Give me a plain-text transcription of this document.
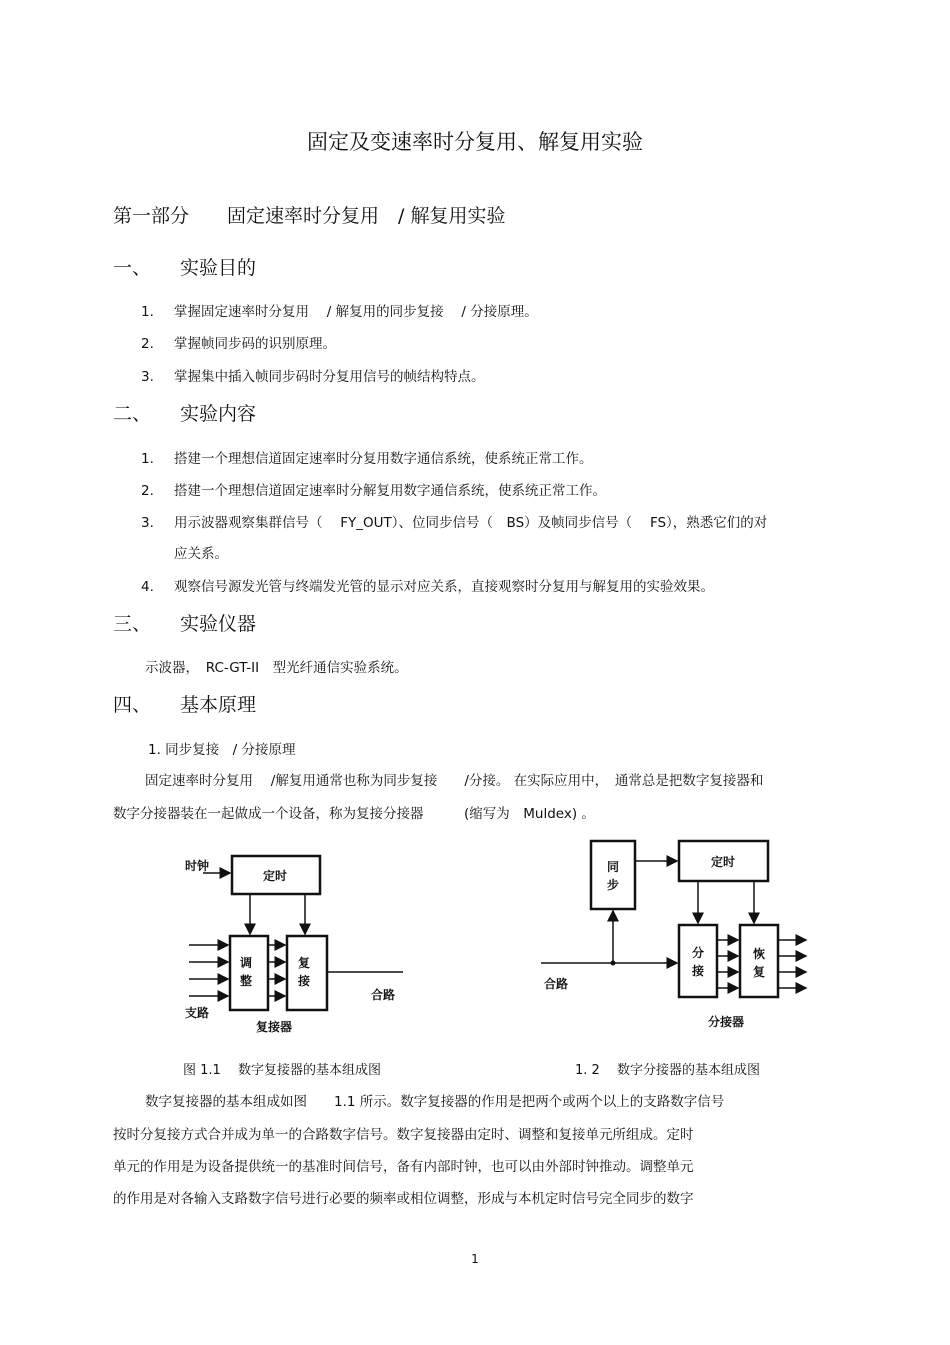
固定及变速率时分复用、解复用实验
第一部分　　固定速率时分复用　/ 解复用实验
一、 实验目的
1. 掌握固定速率时分复用　 / 解复用的同步复接　 / 分接原理。
2. 掌握帧同步码的识别原理。
3. 掌握集中插入帧同步码时分复用信号的帧结构特点。
二、 实验内容
1. 搭建一个理想信道固定速率时分复用数字通信系统，使系统正常工作。
2. 搭建一个理想信道固定速率时分解复用数字通信系统，使系统正常工作。
3. 用示波器观察集群信号（　 FY_OUT）、位同步信号（　BS）及帧同步信号（　 FS），熟悉它们的对
应关系。
4. 观察信号源发光管与终端发光管的显示对应关系，直接观察时分复用与解复用的实验效果。
三、 实验仪器
示波器，　RC-GT-II　型光纤通信实验系统。
四、 基本原理
1. 同步复接　/ 分接原理
固定速率时分复用　 /解复用通常也称为同步复接　　/分接。 在实际应用中，　通常总是把数字复接器和
数字分接器装在一起做成一个设备，称为复接分接器　　　(缩写为　Muldex) 。
时钟
定时
调
整
复
接
合路
支路
复接器
同
步
定时
分
接
恢
复
合路
分接器
图 1.1　 数字复接器的基本组成图	1. 2　 数字分接器的基本组成图
数字复接器的基本组成如图　　1.1 所示。数字复接器的作用是把两个或两个以上的支路数字信号
按时分复接方式合并成为单一的合路数字信号。数字复接器由定时、调整和复接单元所组成。定时
单元的作用是为设备提供统一的基准时间信号，备有内部时钟，也可以由外部时钟推动。调整单元
的作用是对各输入支路数字信号进行必要的频率或相位调整，形成与本机定时信号完全同步的数字
1
